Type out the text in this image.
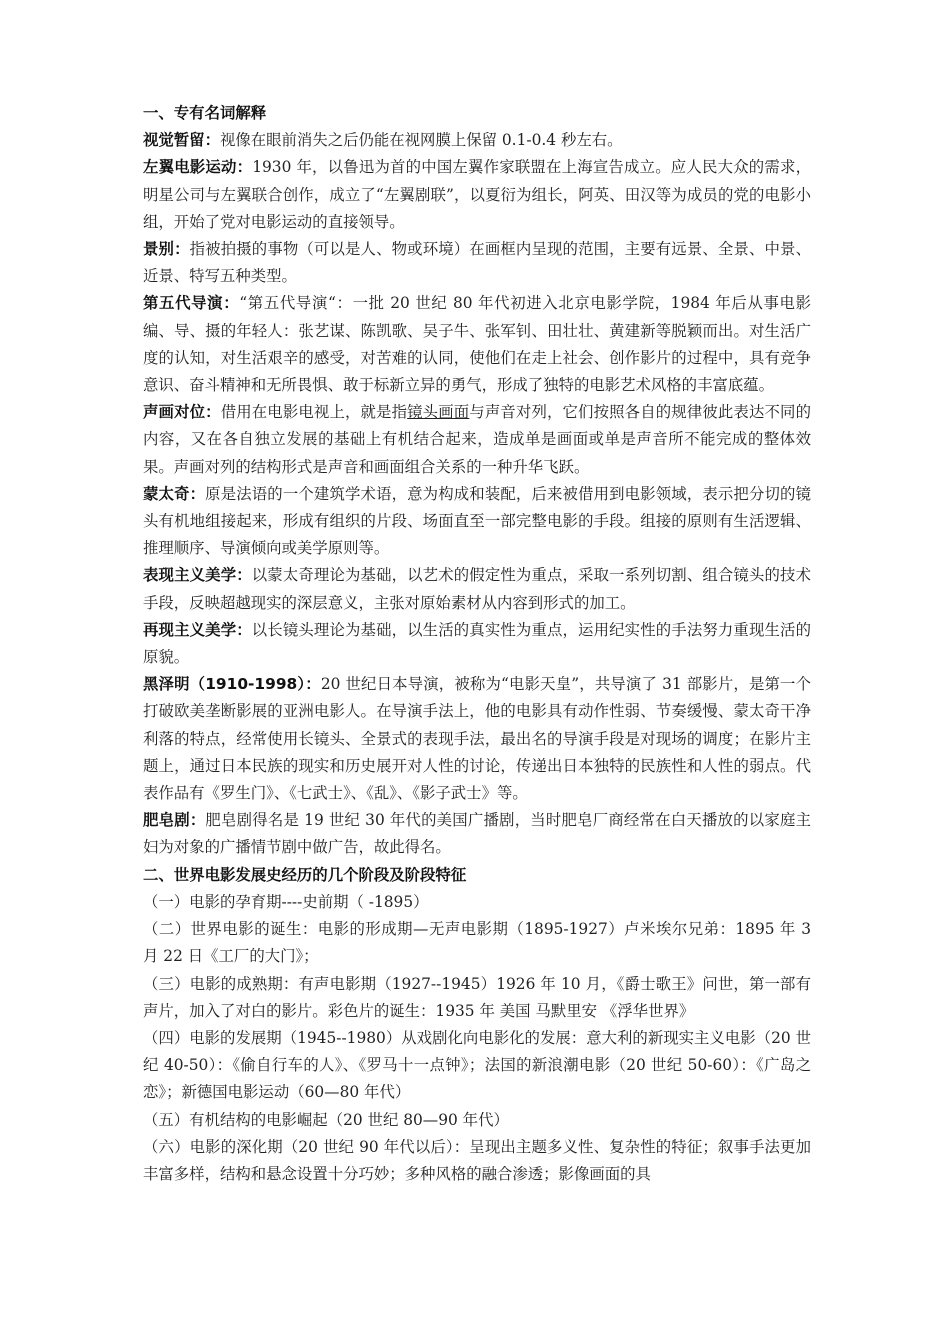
一、专有名词解释

视觉暂留：视像在眼前消失之后仍能在视网膜上保留 0.1-0.4 秒左右。

左翼电影运动：1930 年，以鲁迅为首的中国左翼作家联盟在上海宣告成立。应人民大众的需求，明星公司与左翼联合创作，成立了“左翼剧联”，以夏衍为组长，阿英、田汉等为成员的党的电影小组，开始了党对电影运动的直接领导。

景别：指被拍摄的事物（可以是人、物或环境）在画框内呈现的范围，主要有远景、全景、中景、近景、特写五种类型。

第五代导演：“第五代导演“：一批 20 世纪 80 年代初进入北京电影学院，1984 年后从事电影编、导、摄的年轻人：张艺谋、陈凯歌、吴子牛、张军钊、田壮壮、黄建新等脱颖而出。对生活广度的认知，对生活艰辛的感受，对苦难的认同，使他们在走上社会、创作影片的过程中，具有竞争意识、奋斗精神和无所畏惧、敢于标新立异的勇气，形成了独特的电影艺术风格的丰富底蕴。

声画对位：借用在电影电视上，就是指镜头画面与声音对列，它们按照各自的规律彼此表达不同的内容，又在各自独立发展的基础上有机结合起来，造成单是画面或单是声音所不能完成的整体效果。声画对列的结构形式是声音和画面组合关系的一种升华飞跃。

蒙太奇：原是法语的一个建筑学术语，意为构成和装配，后来被借用到电影领域，表示把分切的镜头有机地组接起来，形成有组织的片段、场面直至一部完整电影的手段。组接的原则有生活逻辑、推理顺序、导演倾向或美学原则等。

表现主义美学：以蒙太奇理论为基础，以艺术的假定性为重点，采取一系列切割、组合镜头的技术手段，反映超越现实的深层意义，主张对原始素材从内容到形式的加工。

再现主义美学：以长镜头理论为基础，以生活的真实性为重点，运用纪实性的手法努力重现生活的原貌。

黑泽明（1910-1998）：20 世纪日本导演，被称为“电影天皇”，共导演了 31 部影片，是第一个打破欧美垄断影展的亚洲电影人。在导演手法上，他的电影具有动作性弱、节奏缓慢、蒙太奇干净利落的特点，经常使用长镜头、全景式的表现手法，最出名的导演手段是对现场的调度；在影片主题上，通过日本民族的现实和历史展开对人性的讨论，传递出日本独特的民族性和人性的弱点。代表作品有《罗生门》、《七武士》、《乱》、《影子武士》等。

肥皂剧：肥皂剧得名是 19 世纪 30 年代的美国广播剧，当时肥皂厂商经常在白天播放的以家庭主妇为对象的广播情节剧中做广告，故此得名。

二、世界电影发展史经历的几个阶段及阶段特征

（一）电影的孕育期----史前期（ -1895）

（二）世界电影的诞生：电影的形成期—无声电影期（1895-1927）卢米埃尔兄弟：1895 年 3 月 22 日《工厂的大门》；

（三）电影的成熟期：有声电影期（1927--1945）1926 年 10 月，《爵士歌王》问世，第一部有声片，加入了对白的影片。彩色片的诞生：1935 年 美国 马默里安 《浮华世界》

（四）电影的发展期（1945--1980）从戏剧化向电影化的发展：意大利的新现实主义电影（20 世纪 40-50）：《偷自行车的人》、《罗马十一点钟》；法国的新浪潮电影（20 世纪 50-60）：《广岛之恋》；新德国电影运动（60—80 年代）

（五）有机结构的电影崛起（20 世纪 80—90 年代）

（六）电影的深化期（20 世纪 90 年代以后）：呈现出主题多义性、复杂性的特征；叙事手法更加丰富多样，结构和悬念设置十分巧妙；多种风格的融合渗透；影像画面的具
